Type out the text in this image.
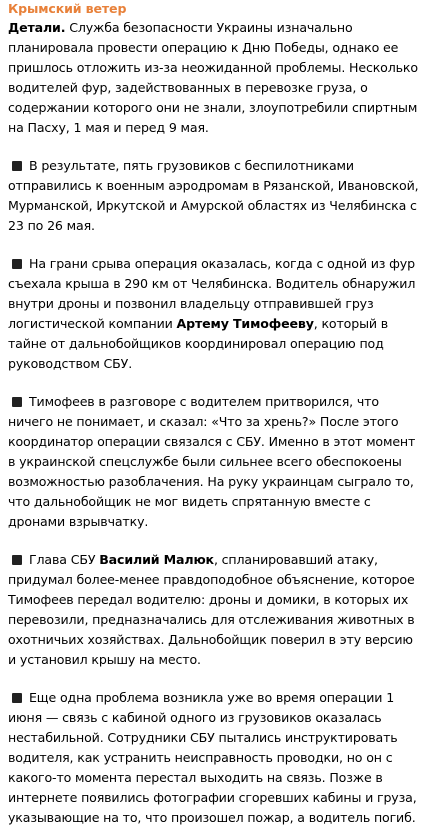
Крымский ветер

Детали. Служба безопасности Украины изначально планировала провести операцию к Дню Победы, однако ее пришлось отложить из-за неожиданной проблемы. Несколько водителей фур, задействованных в перевозке груза, о содержании которого они не знали, злоупотребили спиртным на Пасху, 1 мая и перед 9 мая.

В результате, пять грузовиков с беспилотниками отправились к военным аэродромам в Рязанской, Ивановской, Мурманской, Иркутской и Амурской областях из Челябинска с 23 по 26 мая.

На грани срыва операция оказалась, когда с одной из фур съехала крыша в 290 км от Челябинска. Водитель обнаружил внутри дроны и позвонил владельцу отправившей груз логистической компании Артему Тимофееву, который в тайне от дальнобойщиков координировал операцию под руководством СБУ.

Тимофеев в разговоре с водителем притворился, что ничего не понимает, и сказал: «Что за хрень?» После этого координатор операции связался с СБУ. Именно в этот момент в украинской спецслужбе были сильнее всего обеспокоены возможностью разоблачения. На руку украинцам сыграло то, что дальнобойщик не мог видеть спрятанную вместе с дронами взрывчатку.

Глава СБУ Василий Малюк, спланировавший атаку, придумал более-менее правдоподобное объяснение, которое Тимофеев передал водителю: дроны и домики, в которых их перевозили, предназначались для отслеживания животных в охотничьих хозяйствах. Дальнобойщик поверил в эту версию и установил крышу на место.

Еще одна проблема возникла уже во время операции 1 июня — связь с кабиной одного из грузовиков оказалась нестабильной. Сотрудники СБУ пытались инструктировать водителя, как устранить неисправность проводки, но он с какого-то момента перестал выходить на связь. Позже в интернете появились фотографии сгоревших кабины и груза, указывающие на то, что произошел пожар, а водитель погиб.
